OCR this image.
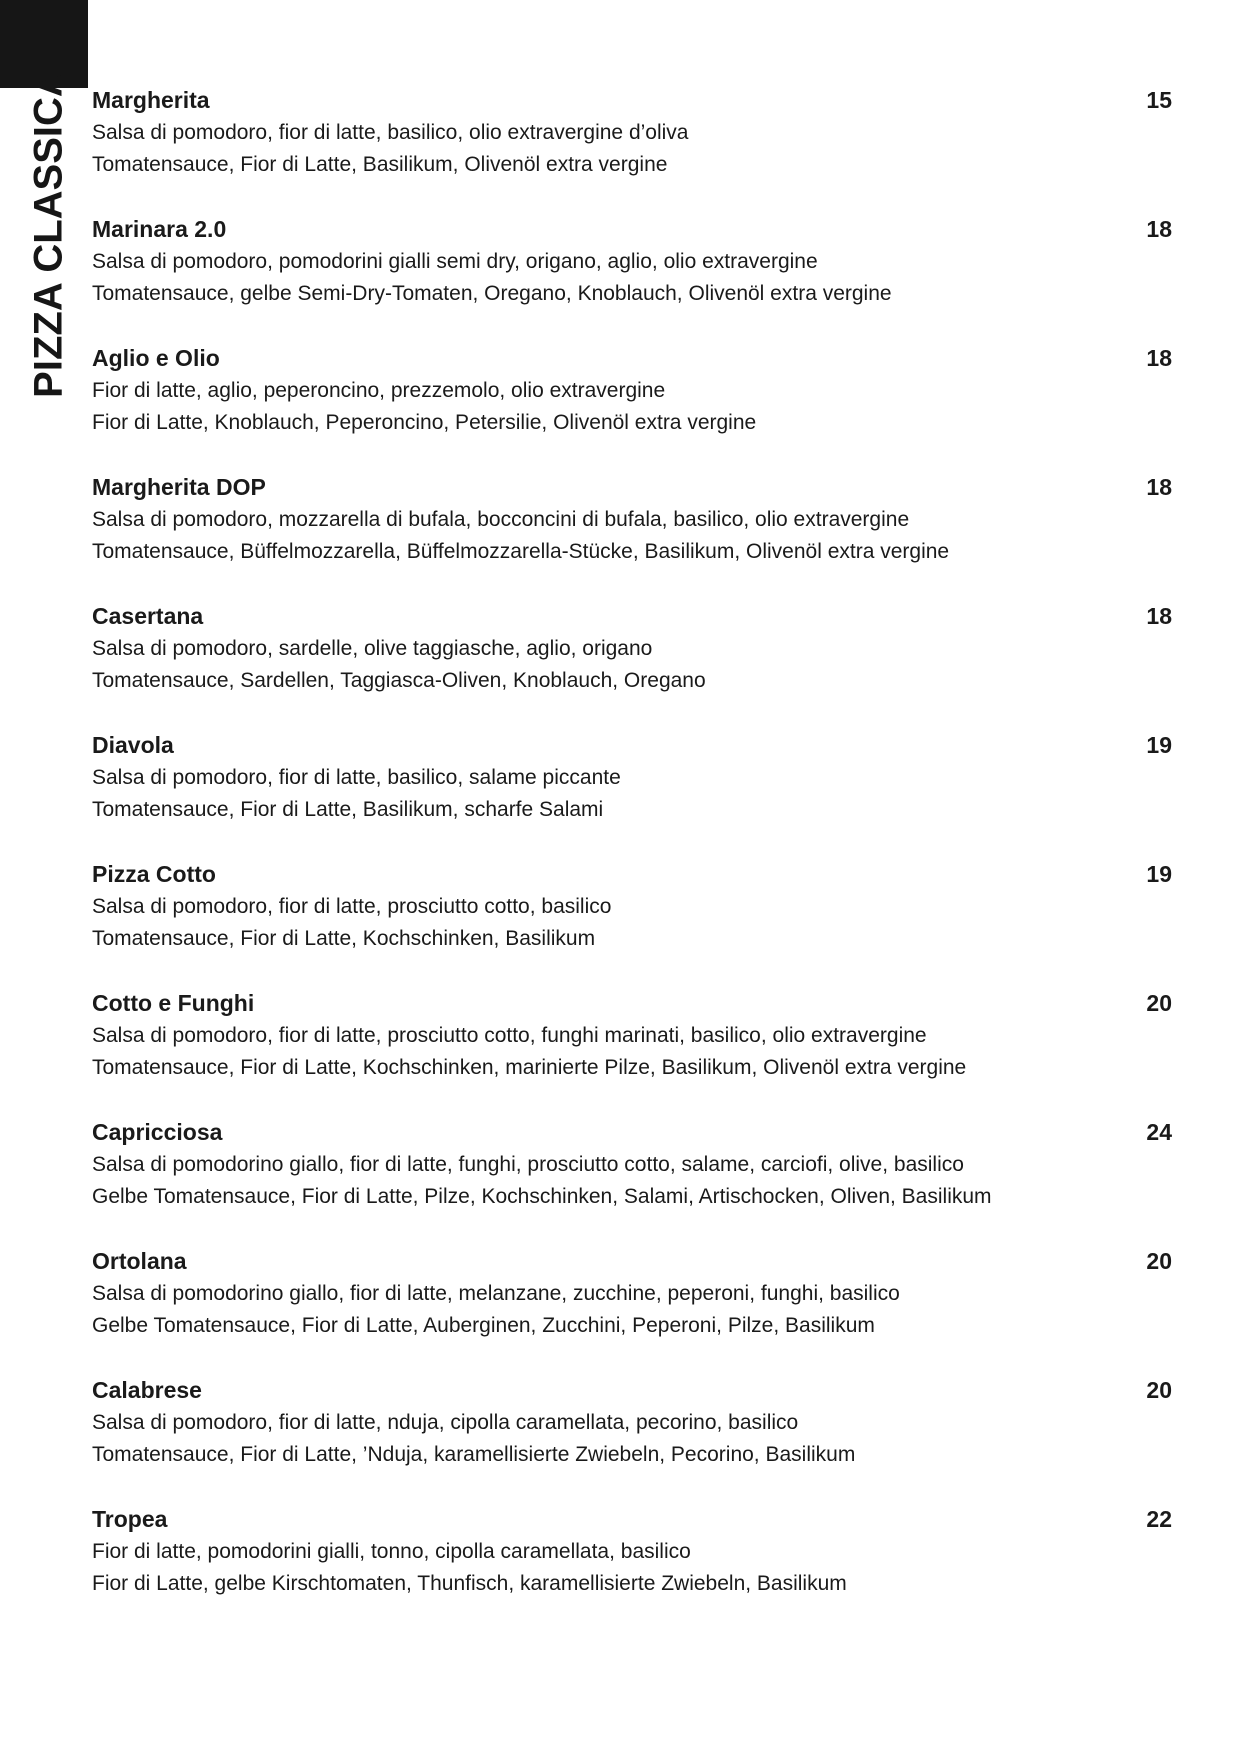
PIZZA CLASSICA Margherita	15
Salsa di pomodoro, fior di latte, basilico, olio extravergine d’oliva
Tomatensauce, Fior di Latte, Basilikum, Olivenöl extra vergine
Marinara 2.0	18
Salsa di pomodoro, pomodorini gialli semi dry, origano, aglio, olio extravergine
Tomatensauce, gelbe Semi-Dry-Tomaten, Oregano, Knoblauch, Olivenöl extra vergine
Aglio e Olio	18
Fior di latte, aglio, peperoncino, prezzemolo, olio extravergine
Fior di Latte, Knoblauch, Peperoncino, Petersilie, Olivenöl extra vergine
Margherita DOP	18
Salsa di pomodoro, mozzarella di bufala, bocconcini di bufala, basilico, olio extravergine
Tomatensauce, Büffelmozzarella, Büffelmozzarella-Stücke, Basilikum, Olivenöl extra vergine
Casertana	18
Salsa di pomodoro, sardelle, olive taggiasche, aglio, origano
Tomatensauce, Sardellen, Taggiasca-Oliven, Knoblauch, Oregano
Diavola	19
Salsa di pomodoro, fior di latte, basilico, salame piccante
Tomatensauce, Fior di Latte, Basilikum, scharfe Salami
Pizza Cotto	19
Salsa di pomodoro, fior di latte, prosciutto cotto, basilico
Tomatensauce, Fior di Latte, Kochschinken, Basilikum
Cotto e Funghi	20
Salsa di pomodoro, fior di latte, prosciutto cotto, funghi marinati, basilico, olio extravergine
Tomatensauce, Fior di Latte, Kochschinken, marinierte Pilze, Basilikum, Olivenöl extra vergine
Capricciosa	24
Salsa di pomodorino giallo, fior di latte, funghi, prosciutto cotto, salame, carciofi, olive, basilico
Gelbe Tomatensauce, Fior di Latte, Pilze, Kochschinken, Salami, Artischocken, Oliven, Basilikum
Ortolana	20
Salsa di pomodorino giallo, fior di latte, melanzane, zucchine, peperoni, funghi, basilico
Gelbe Tomatensauce, Fior di Latte, Auberginen, Zucchini, Peperoni, Pilze, Basilikum
Calabrese	20
Salsa di pomodoro, fior di latte, nduja, cipolla caramellata, pecorino, basilico
Tomatensauce, Fior di Latte, ’Nduja, karamellisierte Zwiebeln, Pecorino, Basilikum
Tropea	22
Fior di latte, pomodorini gialli, tonno, cipolla caramellata, basilico
Fior di Latte, gelbe Kirschtomaten, Thunfisch, karamellisierte Zwiebeln, Basilikum
